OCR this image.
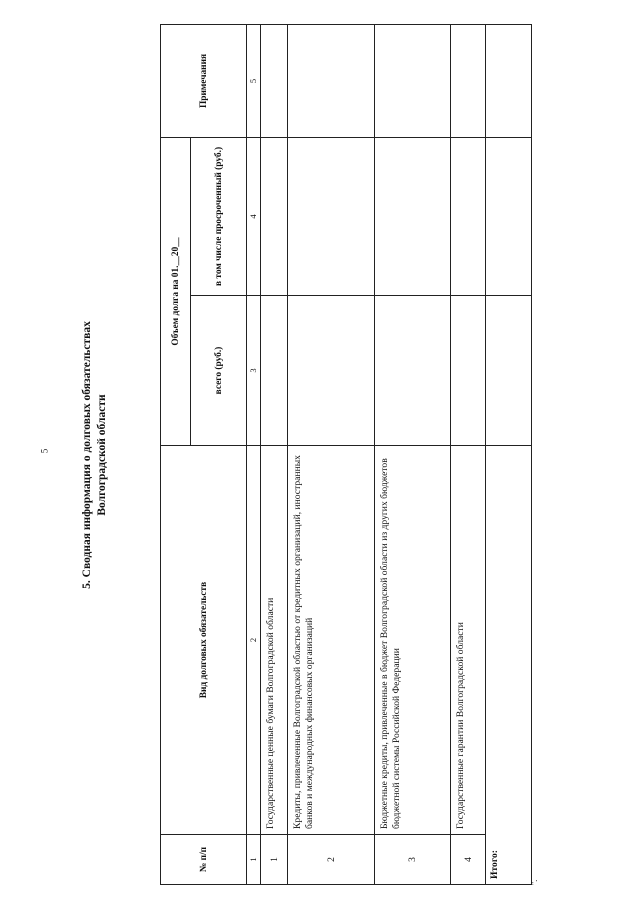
5	5. Сводная информация о долговых обязательствах Волгоградской области
№ п/п	Вид долговых обязательств	Объем долга на 01.__20__		Примечания
		всего (руб.)	в том числе просроченный (руб.)	
1	2	3	4	5
1	Государственные ценные бумаги Волгоградской области			
2	Кредиты, привлеченные Волгоградской областью от кредитных организаций, иностранных банков и международных финансовых организаций			
3	Бюджетные кредиты, привлеченные в бюджет Волгоградской области из других бюджетов бюджетной системы Российской Федерации			
4	Государственные гарантии Волгоградской области			
Итого:				
".
